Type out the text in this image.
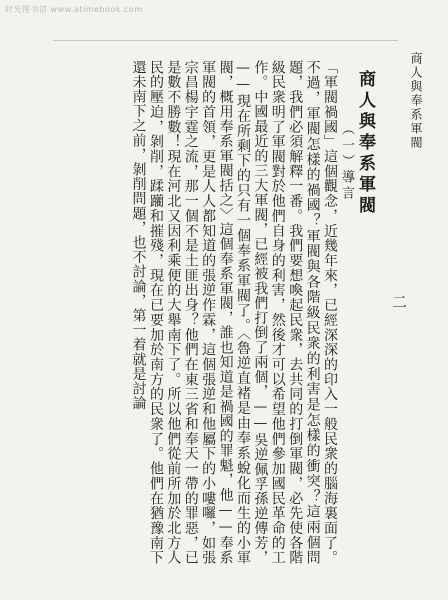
时光图书馆 www.atimebook.com
商人與奉系軍閥
二
商人與奉系軍閥
（一）導言

「軍閥禍國」這個觀念，近幾年來，已經深深的印入一般民衆的腦海裏面了。不過，軍閥怎樣的禍國？軍閥與各階級民衆的利害是怎樣的衝突？這兩個問題，我們必須解釋一番。我們要想喚起民衆，去共同的打倒軍閥，必先使各階級民衆明了軍閥對於他們自身的利害，然後才可以希望他們參加國民革命的工作。中國最近的三大軍閥，已經被我們打倒了兩個，——吳逆佩孚孫逆傳芳，——現在所剩下的只有一個奉系軍閥了。〈魯逆直褚是由奉系蛻化而生的小軍閥，概用奉系軍閥括之〉這個奉系軍閥，誰也知道是禍國的罪魁，他——奉系軍閥的首領，更是人人都知道的張逆作霖，這個張逆和他屬下的小嘍囉，如張宗昌楊宇霆之流，那一個不是土匪出身？他們在東三省和奉天一帶的罪惡，已是數不勝數！現在河北又因利乘便的大舉南下了。所以他們從前所加於北方人民的壓迫，剝削，蹂躪和摧殘，現在已要加於南方的民衆了。他們在猶豫南下還未南下之前，剝削問題，也不討論，第一着就是討論
